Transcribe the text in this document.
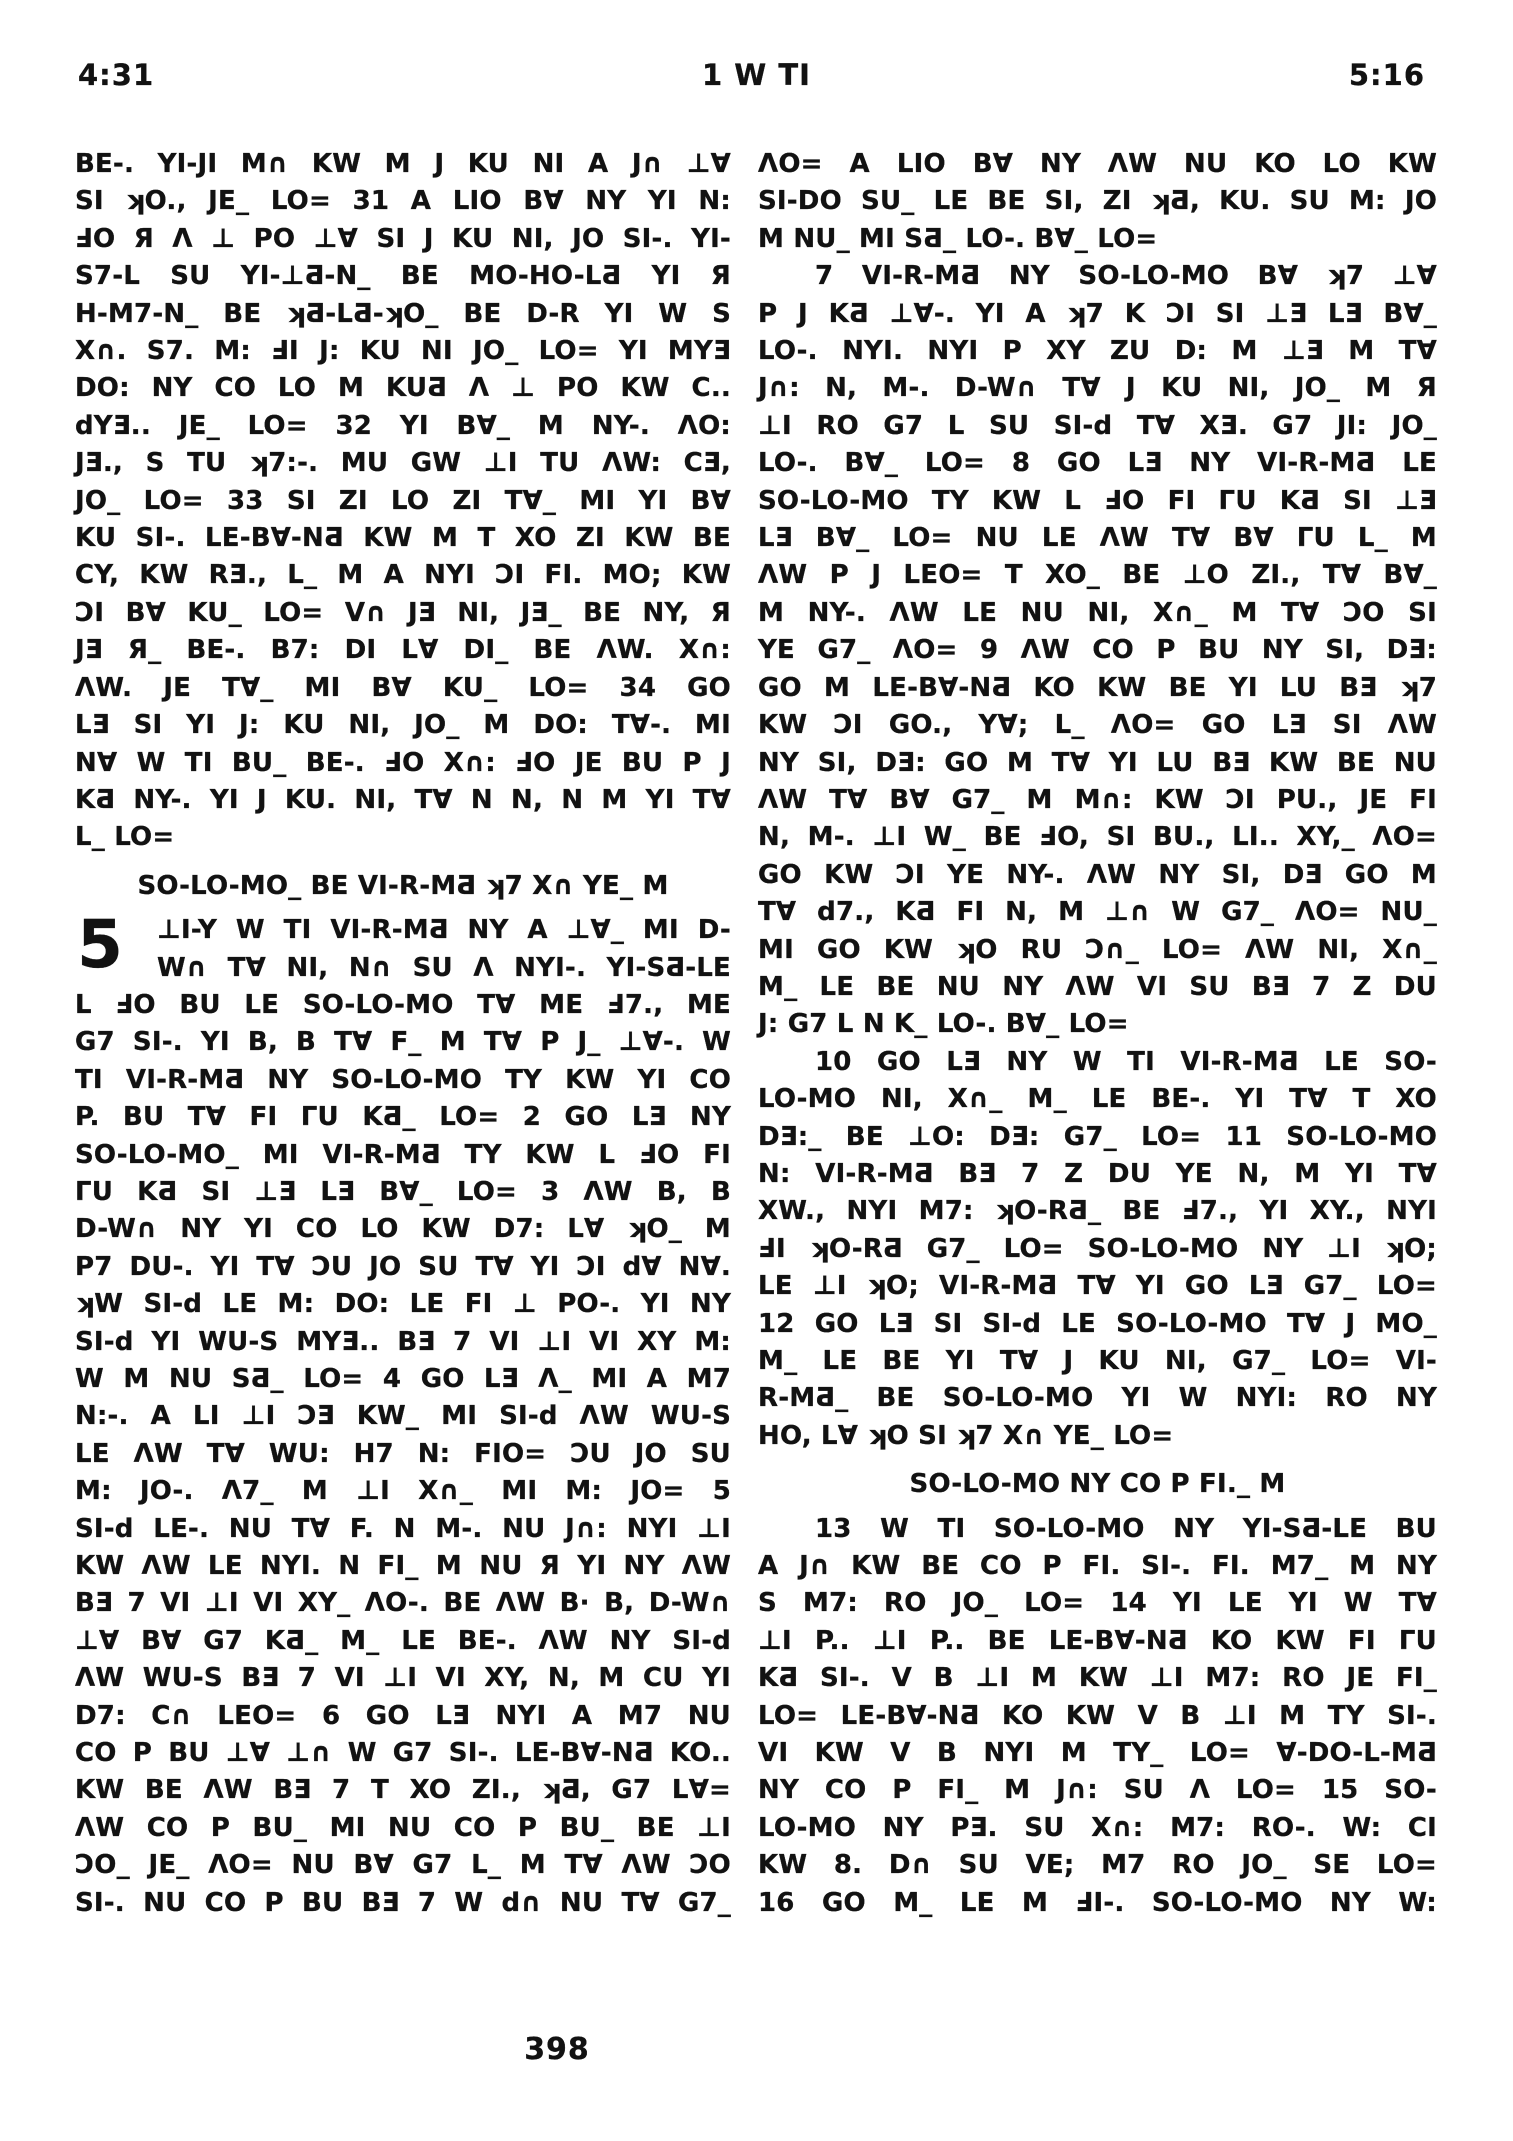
4:31	1 W TI	5:16
BE-. YI-JI M∩ KW M J KU NI A J∩ ⊥∀
SI ʞO., JE_ LO= 31 A LIO B∀ NY YI N:
ℲO Я Λ ⊥ PO ⊥∀ SI J KU NI, JO SI-. YI-
S7-L SU YI-⊥Ƌ-N_ BE MO-HO-LƋ YI Я
H-M7-N_ BE ʞƋ-LƋ-ʞO_ BE D-R YI W S
X∩. S7. M: ℲI J: KU NI JO_ LO= YI MYƎ
DO: NY CO LO M KUƋ Λ ⊥ PO KW C..
dYƎ.. JE_ LO= 32 YI B∀_ M NY-. ΛO:
JƎ., S TU ʞ7:-. MU GW ⊥I TU ΛW: CƎ,
JO_ LO= 33 SI ZI LO ZI T∀_ MI YI B∀
KU SI-. LE-B∀-NƋ KW M T XO ZI KW BE
CY, KW RƎ., L_ M A NYI ƆI FI. MO; KW
ƆI B∀ KU_ LO= V∩ JƎ NI, JƎ_ BE NY, Я
JƎ Я_ BE-. B7: DI L∀ DI_ BE ΛW. X∩:
ΛW. JE T∀_ MI B∀ KU_ LO= 34 GO
LƎ SI YI J: KU NI, JO_ M DO: T∀-. MI
N∀ W TI BU_ BE-. ℲO X∩: ℲO JE BU P J
KƋ NY-. YI J KU. NI, T∀ N N, N M YI T∀
L_ LO=
SO-LO-MO_ BE VI-R-MƋ ʞ7 X∩ YE_ M
5 ⊥I-Y W TI VI-R-MƋ NY A ⊥∀_ MI D-
W∩ T∀ NI, N∩ SU Λ NYI-. YI-SƋ-LE
L ℲO BU LE SO-LO-MO T∀ ME Ⅎ7., ME
G7 SI-. YI B, B T∀ F_ M T∀ P J_ ⊥∀-. W
TI VI-R-MƋ NY SO-LO-MO TY KW YI CO
P. BU T∀ FI ΓU KƋ_ LO= 2 GO LƎ NY
SO-LO-MO_ MI VI-R-MƋ TY KW L ℲO FI
ΓU KƋ SI ⊥Ǝ LƎ B∀_ LO= 3 ΛW B, B
D-W∩ NY YI CO LO KW D7: L∀ ʞO_ M
P7 DU-. YI T∀ ƆU JO SU T∀ YI ƆI d∀ N∀.
ʞW SI-d LE M: DO: LE FI ⊥ PO-. YI NY
SI-d YI WU-S MYƎ.. BƎ 7 VI ⊥I VI XY M:
W M NU SƋ_ LO= 4 GO LƎ Λ_ MI A M7
N:-. A LI ⊥I ƆƎ KW_ MI SI-d ΛW WU-S
LE ΛW T∀ WU: H7 N: FIO= ƆU JO SU
M: JO-. Λ7_ M ⊥I X∩_ MI M: JO= 5
SI-d LE-. NU T∀ F. N M-. NU J∩: NYI ⊥I
KW ΛW LE NYI. N FI_ M NU Я YI NY ΛW
BƎ 7 VI ⊥I VI XY_ ΛO-. BE ΛW B· B, D-W∩
⊥∀ B∀ G7 KƋ_ M_ LE BE-. ΛW NY SI-d
ΛW WU-S BƎ 7 VI ⊥I VI XY, N, M CU YI
D7: C∩ LEO= 6 GO LƎ NYI A M7 NU
CO P BU ⊥∀ ⊥∩ W G7 SI-. LE-B∀-NƋ KO..
KW BE ΛW BƎ 7 T XO ZI., ʞƋ, G7 L∀=
ΛW CO P BU_ MI NU CO P BU_ BE ⊥I
ƆO_ JE_ ΛO= NU B∀ G7 L_ M T∀ ΛW ƆO
SI-. NU CO P BU BƎ 7 W d∩ NU T∀ G7_
ΛO= A LIO B∀ NY ΛW NU KO LO KW
SI-DO SU_ LE BE SI, ZI ʞƋ, KU. SU M: JO
M NU_ MI SƋ_ LO-. B∀_ LO=
7 VI-R-MƋ NY SO-LO-MO B∀ ʞ7 ⊥∀
P J KƋ ⊥∀-. YI A ʞ7 K ƆI SI ⊥Ǝ LƎ B∀_
LO-. NYI. NYI P XY ZU D: M ⊥Ǝ M T∀
J∩: N, M-. D-W∩ T∀ J KU NI, JO_ M Я
⊥I RO G7 L SU SI-d T∀ XƎ. G7 JI: JO_
LO-. B∀_ LO= 8 GO LƎ NY VI-R-MƋ LE
SO-LO-MO TY KW L ℲO FI ΓU KƋ SI ⊥Ǝ
LƎ B∀_ LO= NU LE ΛW T∀ B∀ ΓU L_ M
ΛW P J LEO= T XO_ BE ⊥O ZI., T∀ B∀_
M NY-. ΛW LE NU NI, X∩_ M T∀ ƆO SI
YE G7_ ΛO= 9 ΛW CO P BU NY SI, DƎ:
GO M LE-B∀-NƋ KO KW BE YI LU BƎ ʞ7
KW ƆI GO., Y∀; L_ ΛO= GO LƎ SI ΛW
NY SI, DƎ: GO M T∀ YI LU BƎ KW BE NU
ΛW T∀ B∀ G7_ M M∩: KW ƆI PU., JE FI
N, M-. ⊥I W_ BE ℲO, SI BU., LI.. XY,_ ΛO=
GO KW ƆI YE NY-. ΛW NY SI, DƎ GO M
T∀ d7., KƋ FI N, M ⊥∩ W G7_ ΛO= NU_
MI GO KW ʞO RU Ɔ∩_ LO= ΛW NI, X∩_
M_ LE BE NU NY ΛW VI SU BƎ 7 Z DU
J: G7 L N K_ LO-. B∀_ LO=
10 GO LƎ NY W TI VI-R-MƋ LE SO-
LO-MO NI, X∩_ M_ LE BE-. YI T∀ T XO
DƎ:_ BE ⊥O: DƎ: G7_ LO= 11 SO-LO-MO
N: VI-R-MƋ BƎ 7 Z DU YE N, M YI T∀
XW., NYI M7: ʞO-RƋ_ BE Ⅎ7., YI XY., NYI
ℲI ʞO-RƋ G7_ LO= SO-LO-MO NY ⊥I ʞO;
LE ⊥I ʞO; VI-R-MƋ T∀ YI GO LƎ G7_ LO=
12 GO LƎ SI SI-d LE SO-LO-MO T∀ J MO_
M_ LE BE YI T∀ J KU NI, G7_ LO= VI-
R-MƋ_ BE SO-LO-MO YI W NYI: RO NY
HO, L∀ ʞO SI ʞ7 X∩ YE_ LO=
SO-LO-MO NY CO P FI._ M
13 W TI SO-LO-MO NY YI-SƋ-LE BU
A J∩ KW BE CO P FI. SI-. FI. M7_ M NY
S M7: RO JO_ LO= 14 YI LE YI W T∀
⊥I P.. ⊥I P.. BE LE-B∀-NƋ KO KW FI ΓU
KƋ SI-. V B ⊥I M KW ⊥I M7: RO JE FI_
LO= LE-B∀-NƋ KO KW V B ⊥I M TY SI-.
VI KW V B NYI M TY_ LO= ∀-DO-L-MƋ
NY CO P FI_ M J∩: SU Λ LO= 15 SO-
LO-MO NY PƎ. SU X∩: M7: RO-. W: CI
KW 8. D∩ SU VE; M7 RO JO_ SE LO=
16 GO M_ LE M ℲI-. SO-LO-MO NY W:
398
